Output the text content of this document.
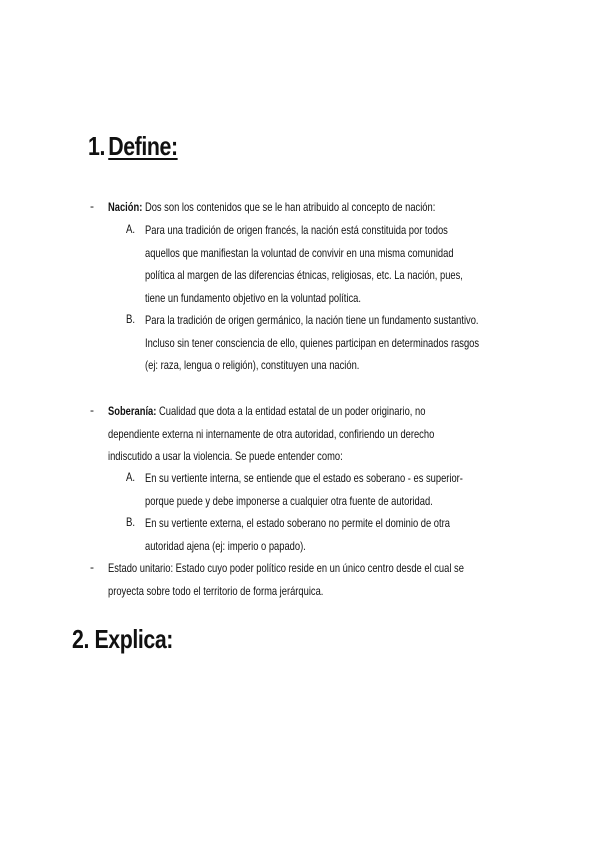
1. Define:
- Nación: Dos son los contenidos que se le han atribuido al concepto de nación:
A. Para una tradición de origen francés, la nación está constituida por todos
aquellos que manifiestan la voluntad de convivir en una misma comunidad
política al margen de las diferencias étnicas, religiosas, etc. La nación, pues,
tiene un fundamento objetivo en la voluntad política.
B. Para la tradición de origen germánico, la nación tiene un fundamento sustantivo.
Incluso sin tener consciencia de ello, quienes participan en determinados rasgos
(ej: raza, lengua o religión), constituyen una nación.
- Soberanía: Cualidad que dota a la entidad estatal de un poder originario, no
dependiente externa ni internamente de otra autoridad, confiriendo un derecho
indiscutido a usar la violencia. Se puede entender como:
A. En su vertiente interna, se entiende que el estado es soberano - es superior-
porque puede y debe imponerse a cualquier otra fuente de autoridad.
B. En su vertiente externa, el estado soberano no permite el dominio de otra
autoridad ajena (ej: imperio o papado).
- Estado unitario: Estado cuyo poder político reside en un único centro desde el cual se
proyecta sobre todo el territorio de forma jerárquica.
2. Explica:
